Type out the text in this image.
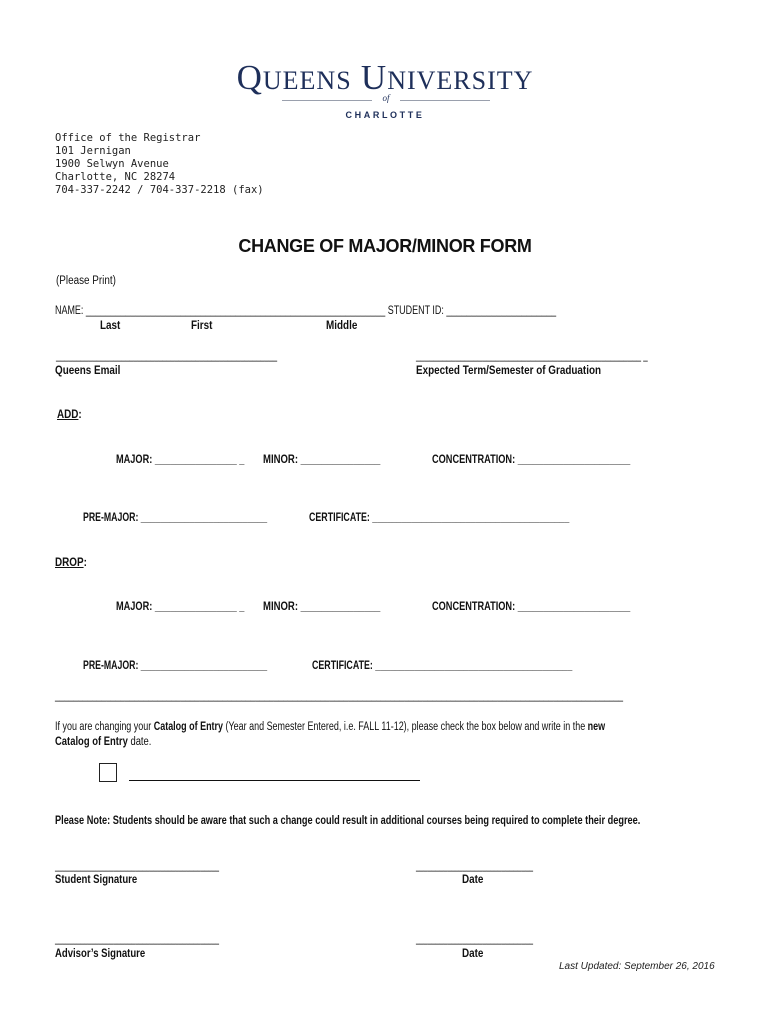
QUEENS UNIVERSITY
of
CHARLOTTE
Office of the Registrar
101 Jernigan
1900 Selwyn Avenue
Charlotte, NC 28274
704-337-2242 / 704-337-2218 (fax)
CHANGE OF MAJOR/MINOR FORM
(Please Print)
NAME: ____________________________________________________________ STUDENT ID: ______________________
Last	First	Middle
______________________________________________________	___________________________________________________ _
Queens Email	Expected Term/Semester of Graduation
ADD:
MAJOR: ________________ _ MINOR: _______________	CONCENTRATION: ______________________
PRE-MAJOR: __________________________	CERTIFICATE: ________________________________________
DROP:
MAJOR: ________________ _ MINOR: _______________	CONCENTRATION: ______________________
PRE-MAJOR: __________________________	CERTIFICATE: ________________________________________
__________________________________________________________________________________________________________________________
If you are changing your Catalog of Entry (Year and Semester Entered, i.e. FALL 11-12), please check the box below and write in the new
Catalog of Entry date.
Please Note: Students should be aware that such a change could result in additional courses being required to complete their degree.
_____________________________________________	______________________________
Student Signature	Date
_____________________________________________	______________________________
Advisor’s Signature	Date
Last Updated: September 26, 2016
